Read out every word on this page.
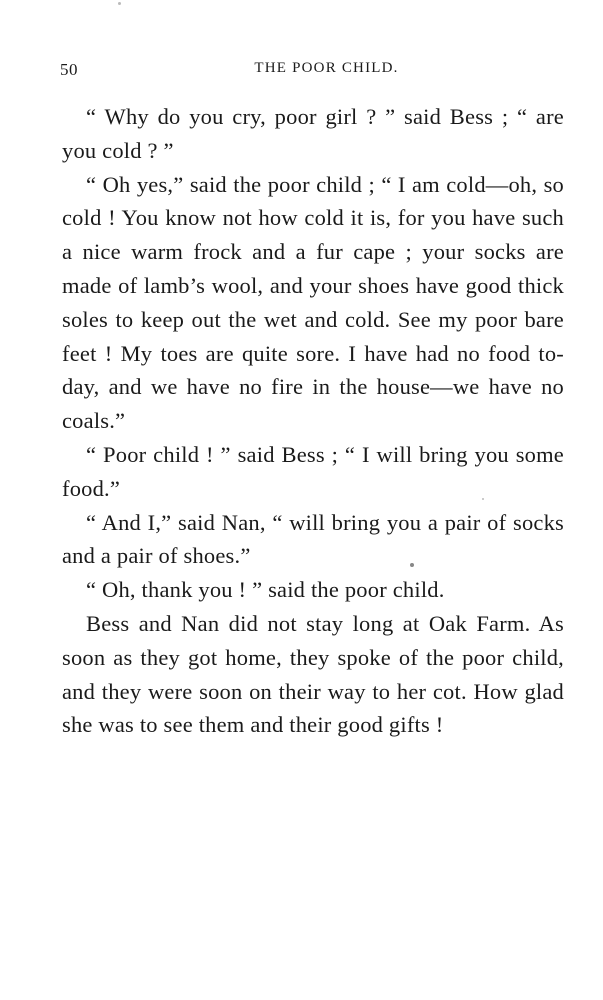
50	THE POOR CHILD.

“ Why do you cry, poor girl ? ” said Bess ; “ are you cold ? ”

“ Oh yes,” said the poor child ; “ I am cold—oh, so cold ! You know not how cold it is, for you have such a nice warm frock and a fur cape ; your socks are made of lamb’s wool, and your shoes have good thick soles to keep out the wet and cold. See my poor bare feet ! My toes are quite sore. I have had no food to-day, and we have no fire in the house—we have no coals.”

“ Poor child ! ” said Bess ; “ I will bring you some food.”

“ And I,” said Nan, “ will bring you a pair of socks and a pair of shoes.”

“ Oh, thank you ! ” said the poor child.

Bess and Nan did not stay long at Oak Farm. As soon as they got home, they spoke of the poor child, and they were soon on their way to her cot. How glad she was to see them and their good gifts !
